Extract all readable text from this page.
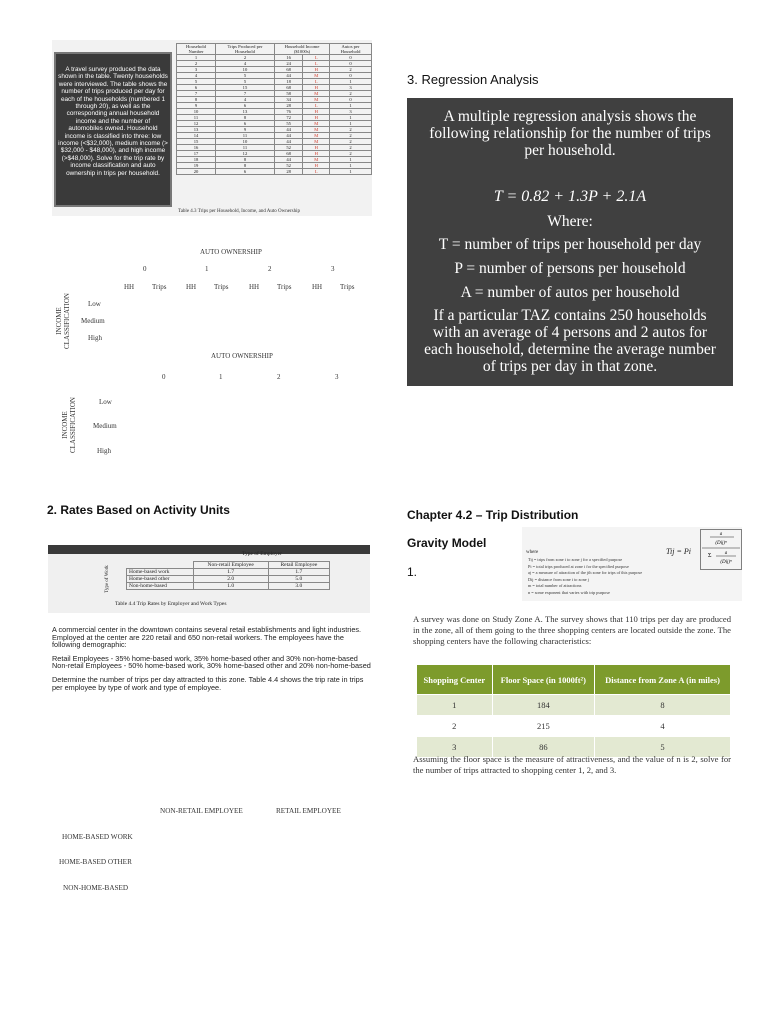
A travel survey produced the data shown in the table. Twenty households were interviewed. The table shows the number of trips produced per day for each of the households (numbered 1 through 20), as well as the corresponding annual household income and the number of automobiles owned. Household income is classified into three: low income (<$32,000), medium income (> $32,000 - $48,000), and high income (>$48,000). Solve for the trip rate by income classification and auto ownership in trips per household.
Household Number	Trips Produced per Household	Household Income ($1000s)		Autos per Household
1	2	16	L	0
2	4	24	L	0
3	10	68	H	2
4	5	44	M	0
5	5	18	L	1
6	15	68	H	3
7	7	58	M	2
8	4	34	M	0
9	6	28	L	1
10	13	76	H	3
11	8	72	H	1
12	6	55	M	1
13	9	44	M	2
14	11	44	M	2
15	10	44	M	2
16	11	52	H	2
17	12	68	H	2
18	8	44	M	1
19	8	52	H	1
20	6	28	L	1
Table 4.3 Trips per Household, Income, and Auto Ownership
AUTO OWNERSHIP
0	1	2	3
HH	Trips	HH	Trips	HH	Trips	HH	Trips
Low
Medium
High
INCOME CLASSIFICATION
AUTO OWNERSHIP
0	1	2	3
Low
Medium
High
INCOME CLASSIFICATION
3. Regression Analysis
A multiple regression analysis shows the
following relationship for the number of trips
per household.
T = 0.82 + 1.3P + 2.1A
Where:
T = number of trips per household per day
P = number of persons per household
A = number of autos per household
If a particular TAZ contains 250 households
with an average of 4 persons and 2 autos for
each household, determine the average number
of trips per day in that zone.
2. Rates Based on Activity Units
Type of Employer
Type of Work
	Non-retail Employee	Retail Employee
Home-based work	1.7	1.7
Home-based other	2.0	5.0
Non-home-based	1.0	3.0
Table 4.4 Trip Rates by Employer and Work Types

A commercial center in the downtown contains several retail establishments and light industries. Employed at the center are 220 retail and 650 non-retail workers. The employees have the following demographic:

Retail Employees - 35% home-based work, 35% home-based other and 30% non-home-based

Non-retail Employees - 50% home-based work, 30% home-based other and 20% non-home-based

Determine the number of trips per day attracted to this zone. Table 4.4 shows the trip rate in trips per employee by type of work and type of employee.

NON-RETAIL EMPLOYEE	RETAIL EMPLOYEE
HOME-BASED WORK
HOME-BASED OTHER
NON-HOME-BASED
Chapter 4.2 – Trip Distribution
Gravity Model
1.
Tij = Pi
a
(Dij)ⁿ
Σ	a
(Dij)ⁿ
where
Tij = trips from zone i to zone j for a specified purpose
Pi = total trips produced at zone i for the specified purpose
aj = a measure of attraction of the jth zone for trips of this purpose
Dij = distance from zone i to zone j
m = total number of attractions
n = some exponent that varies with trip purpose
A survey was done on Study Zone A. The survey shows that 110 trips per day are produced in the zone, all of them going to the three shopping centers are located outside the zone. The shopping centers have the following characteristics:
Shopping Center	Floor Space (in 1000ft²)	Distance from Zone A (in miles)
1	184	8
2	215	4
3	86	5
Assuming the floor space is the measure of attractiveness, and the value of n is 2, solve for the number of trips attracted to shopping center 1, 2, and 3.
